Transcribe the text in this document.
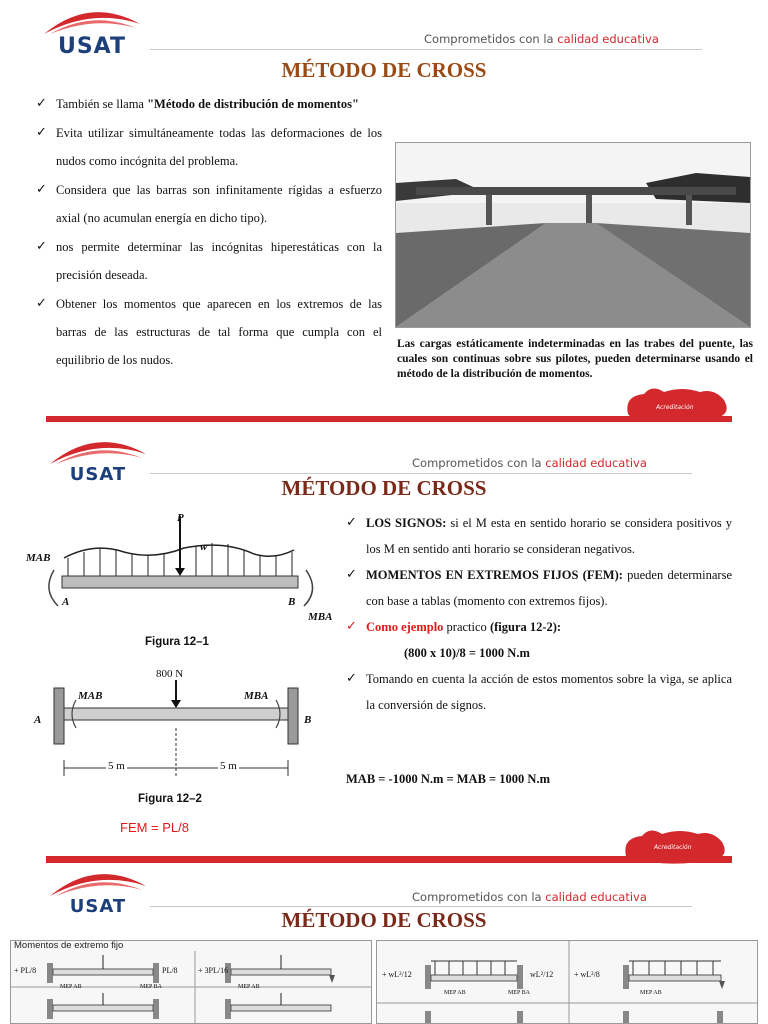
USAT	Comprometidos con la calidad educativa
MÉTODO DE CROSS
✓ También se llama "Método de distribución de momentos"
✓ Evita utilizar simultáneamente todas las deformaciones de los nudos como incógnita del problema.
✓ Considera que las barras son infinitamente rígidas a esfuerzo axial (no acumulan energía en dicho tipo).
✓ nos permite determinar las incógnitas hiperestáticas con la precisión deseada.
✓ Obtener los momentos que aparecen en los extremos de las barras de las estructuras de tal forma que cumpla con el equilibrio de los nudos.
Las cargas estáticamente indeterminadas en las trabes del puente, las cuales son continuas sobre sus pilotes, pueden determinarse usando el método de la distribución de momentos.
Acreditación
USAT
Comprometidos con la calidad educativa
MÉTODO DE CROSS
P
w
MAB
A	B
MBA
Figura 12–1
800 N
MAB	MBA
A	B
5 m	5 m
Figura 12–2
FEM = PL/8
✓ LOS SIGNOS: si el M esta en sentido horario se considera positivos y los M en sentido anti horario se consideran negativos.
✓ MOMENTOS EN EXTREMOS FIJOS (FEM): pueden determinarse con base a tablas (momento con extremos fijos).
✓ Como ejemplo practico (figura 12-2):
(800 x 10)/8 = 1000 N.m
✓ Tomando en cuenta la acción de estos momentos sobre la viga, se aplica la conversión de signos.
MAB = -1000 N.m = MAB = 1000 N.m
Acreditación
USAT	Comprometidos con la calidad educativa
MÉTODO DE CROSS
Momentos de extremo fijo
+ PL/8	PL/8
MEP AB	MEP BA
+ 3PL/16
MEP AB
+ wL²/12	wL²/12
MEP AB	MEP BA
+ wL²/8
MEP AB
